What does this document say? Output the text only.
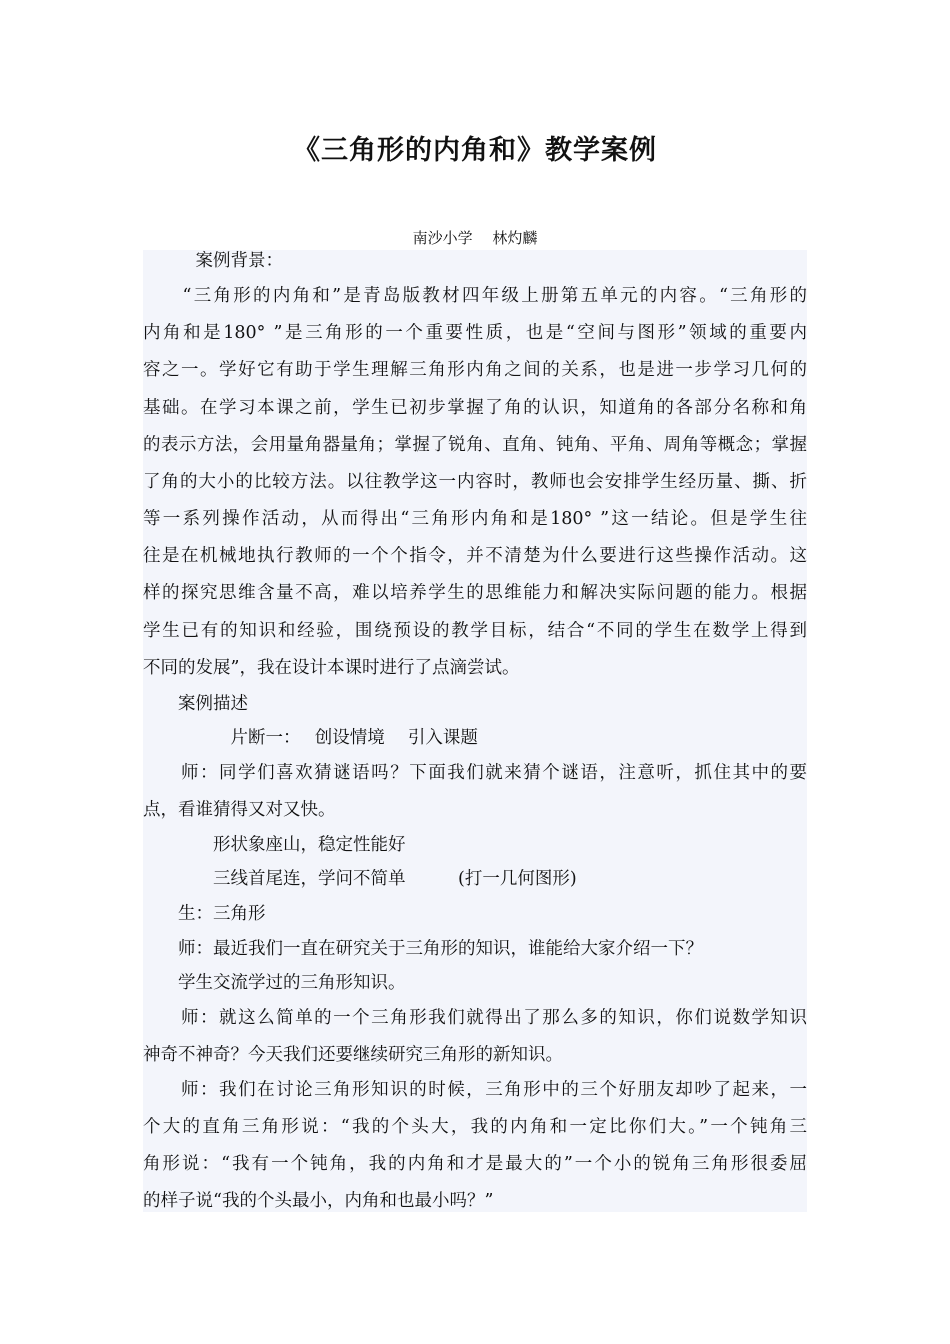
《三角形的内角和》教学案例
南沙小学　 林灼麟
　　　案例背景：
　　“三角形的内角和”是青岛版教材四年级上册第五单元的内容。“三角形的
内角和是180° ”是三角形的一个重要性质，也是“空间与图形”领域的重要内
容之一。学好它有助于学生理解三角形内角之间的关系，也是进一步学习几何的
基础。在学习本课之前，学生已初步掌握了角的认识，知道角的各部分名称和角
的表示方法，会用量角器量角；掌握了锐角、直角、钝角、平角、周角等概念；掌握
了角的大小的比较方法。以往教学这一内容时，教师也会安排学生经历量、撕、折
等一系列操作活动，从而得出“三角形内角和是180° ”这一结论。但是学生往
往是在机械地执行教师的一个个指令，并不清楚为什么要进行这些操作活动。这
样的探究思维含量不高，难以培养学生的思维能力和解决实际问题的能力。根据
学生已有的知识和经验，围绕预设的教学目标，结合“不同的学生在数学上得到
不同的发展”，我在设计本课时进行了点滴尝试。
　　案例描述
　　　　　片断一：　 创设情境　 引入课题
　　师：同学们喜欢猜谜语吗？下面我们就来猜个谜语，注意听，抓住其中的要
点，看谁猜得又对又快。
　　　　形状象座山，稳定性能好
　　　　三线首尾连，学问不简单　　　(打一几何图形)
　　生：三角形
　　师：最近我们一直在研究关于三角形的知识，谁能给大家介绍一下？
　　学生交流学过的三角形知识。
　　师：就这么简单的一个三角形我们就得出了那么多的知识，你们说数学知识
神奇不神奇？今天我们还要继续研究三角形的新知识。
　　师：我们在讨论三角形知识的时候，三角形中的三个好朋友却吵了起来，一
个大的直角三角形说：“我的个头大，我的内角和一定比你们大。”一个钝角三
角形说：“我有一个钝角，我的内角和才是最大的”一个小的锐角三角形很委屈
的样子说“我的个头最小，内角和也最小吗？”
